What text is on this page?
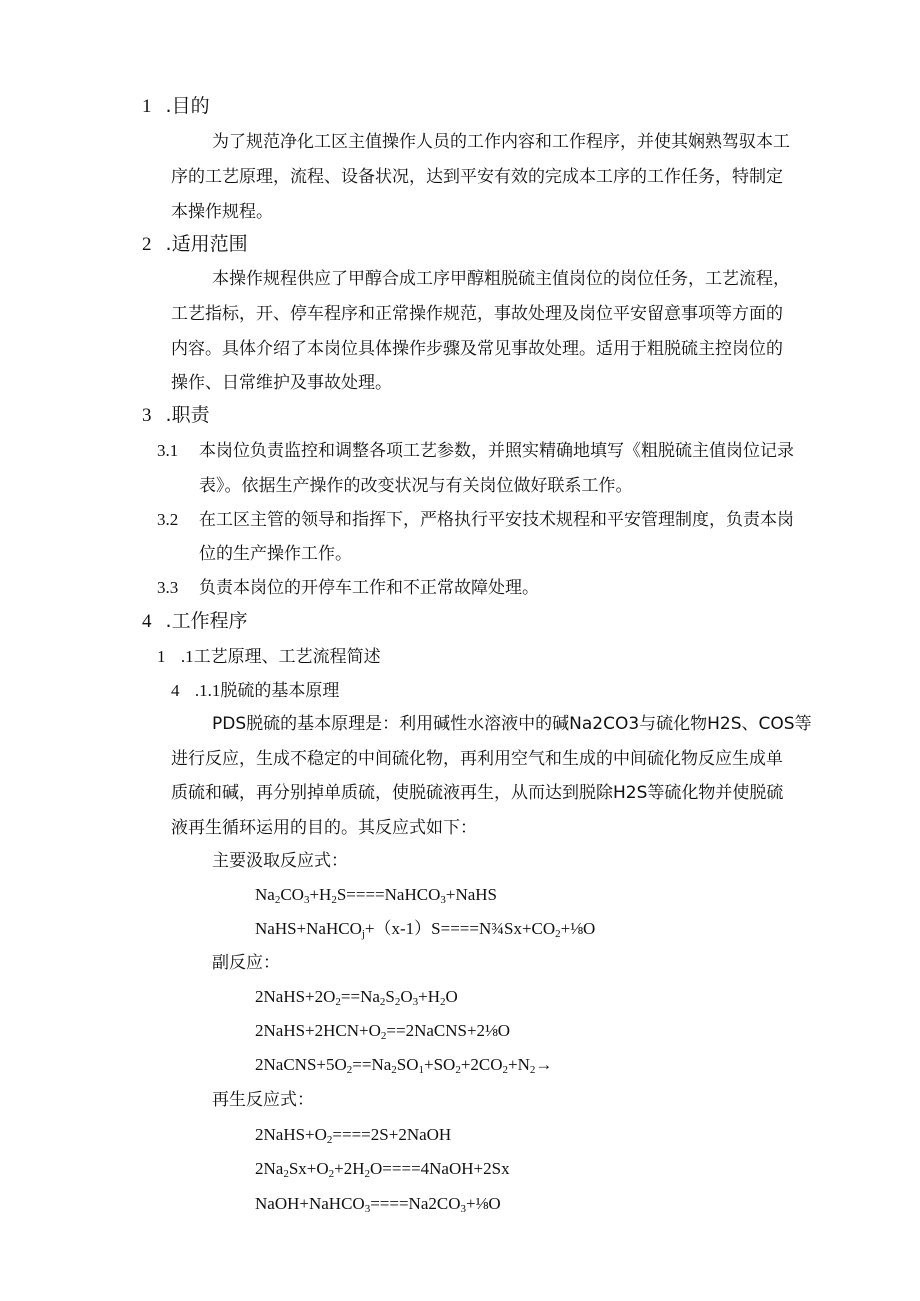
1 .目的
为了规范净化工区主值操作人员的工作内容和工作程序，并使其娴熟驾驭本工
序的工艺原理，流程、设备状况，达到平安有效的完成本工序的工作任务，特制定
本操作规程。
2 .适用范围
本操作规程供应了甲醇合成工序甲醇粗脱硫主值岗位的岗位任务，工艺流程，
工艺指标，开、停车程序和正常操作规范，事故处理及岗位平安留意事项等方面的
内容。具体介绍了本岗位具体操作步骤及常见事故处理。适用于粗脱硫主控岗位的
操作、日常维护及事故处理。
3 .职责
3.1 本岗位负责监控和调整各项工艺参数，并照实精确地填写《粗脱硫主值岗位记录
表》。依据生产操作的改变状况与有关岗位做好联系工作。
3.2 在工区主管的领导和指挥下，严格执行平安技术规程和平安管理制度，负责本岗
位的生产操作工作。
3.3 负责本岗位的开停车工作和不正常故障处理。
4 .工作程序
1 .1工艺原理、工艺流程简述
4 .1.1脱硫的基本原理
PDS脱硫的基本原理是：利用碱性水溶液中的碱Na2CO3与硫化物H2S、COS等
进行反应，生成不稳定的中间硫化物，再利用空气和生成的中间硫化物反应生成单
质硫和碱，再分别掉单质硫，使脱硫液再生，从而达到脱除H2S等硫化物并使脱硫
液再生循环运用的目的。其反应式如下：
主要汲取反应式：
$Na_2CO_3+H_2S====NaHCO_3+NaHS$
$NaHS+NaHCO_j+(x-1)S====N\frac{3}{4}Sx+CO_2+\frac{1}{8}O$
副反应：
$2NaHS+2O_2==Na_2S_2O_3+H_2O$
$2NaHS+2HCN+O_2==2NaCNS+2\frac{1}{8}O$
$2NaCNS+5O_2==Na_2SO_1+SO_2+2CO_2+N_2\to$
再生反应式：
$2NaHS+O_2====2S+2NaOH$
$2Na_2Sx+O_2+2H_2O====4NaOH+2Sx$
$NaOH+NaHCO_3====Na2CO_3+\frac{1}{8}O$
